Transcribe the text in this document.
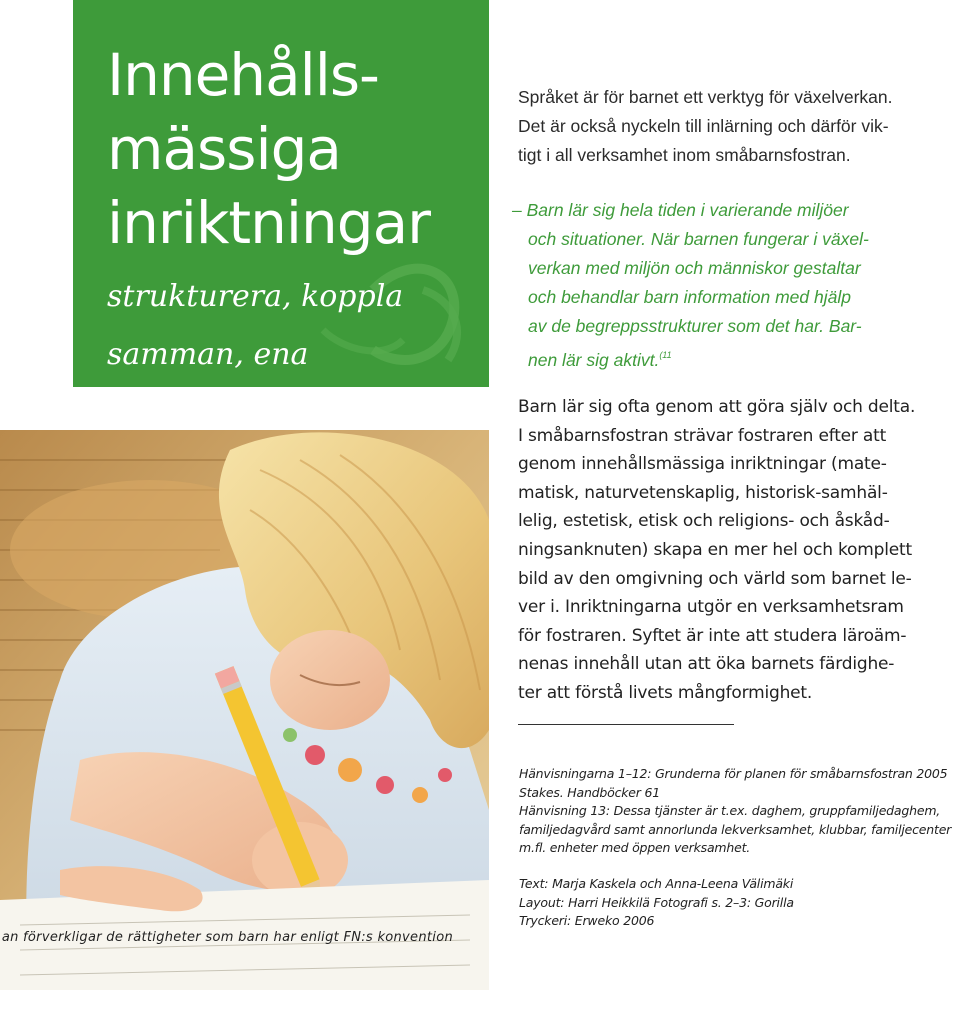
Innehålls-
mässiga
inriktningar

strukturera, koppla
samman, ena

Språket är för barnet ett verktyg för växelverkan.
Det är också nyckeln till inlärning och därför vik-
tigt i all verksamhet inom småbarnsfostran.

– Barn lär sig hela tiden i varierande miljöer
och situationer. När barnen fungerar i växel-
verkan med miljön och människor gestaltar
och behandlar barn information med hjälp
av de begreppsstrukturer som det har. Bar-
nen lär sig aktivt.$^{(11}$

Barn lär sig ofta genom att göra själv och delta.
I småbarnsfostran strävar fostraren efter att
genom innehållsmässiga inriktningar (mate-
matisk, naturvetenskaplig, historisk-samhäl-
lelig, estetisk, etisk och religions- och åskåd-
ningsanknuten) skapa en mer hel och komplett
bild av den omgivning och värld som barnet le-
ver i. Inriktningarna utgör en verksamhetsram
för fostraren. Syftet är inte att studera läroäm-
nenas innehåll utan att öka barnets färdighe-
ter att förstå livets mångformighet.

Hänvisningarna 1–12: Grunderna för planen för småbarnsfostran 2005
Stakes. Handböcker 61
Hänvisning 13: Dessa tjänster är t.ex. daghem, gruppfamiljedaghem,
familjedagvård samt annorlunda lekverksamhet, klubbar, familjecenter
m.fl. enheter med öppen verksamhet.

Text: Marja Kaskela och Anna-Leena Välimäki
Layout: Harri Heikkilä Fotografi s. 2–3: Gorilla
Tryckeri: Erweko 2006

an förverkligar de rättigheter som barn har enligt FN:s konvention
